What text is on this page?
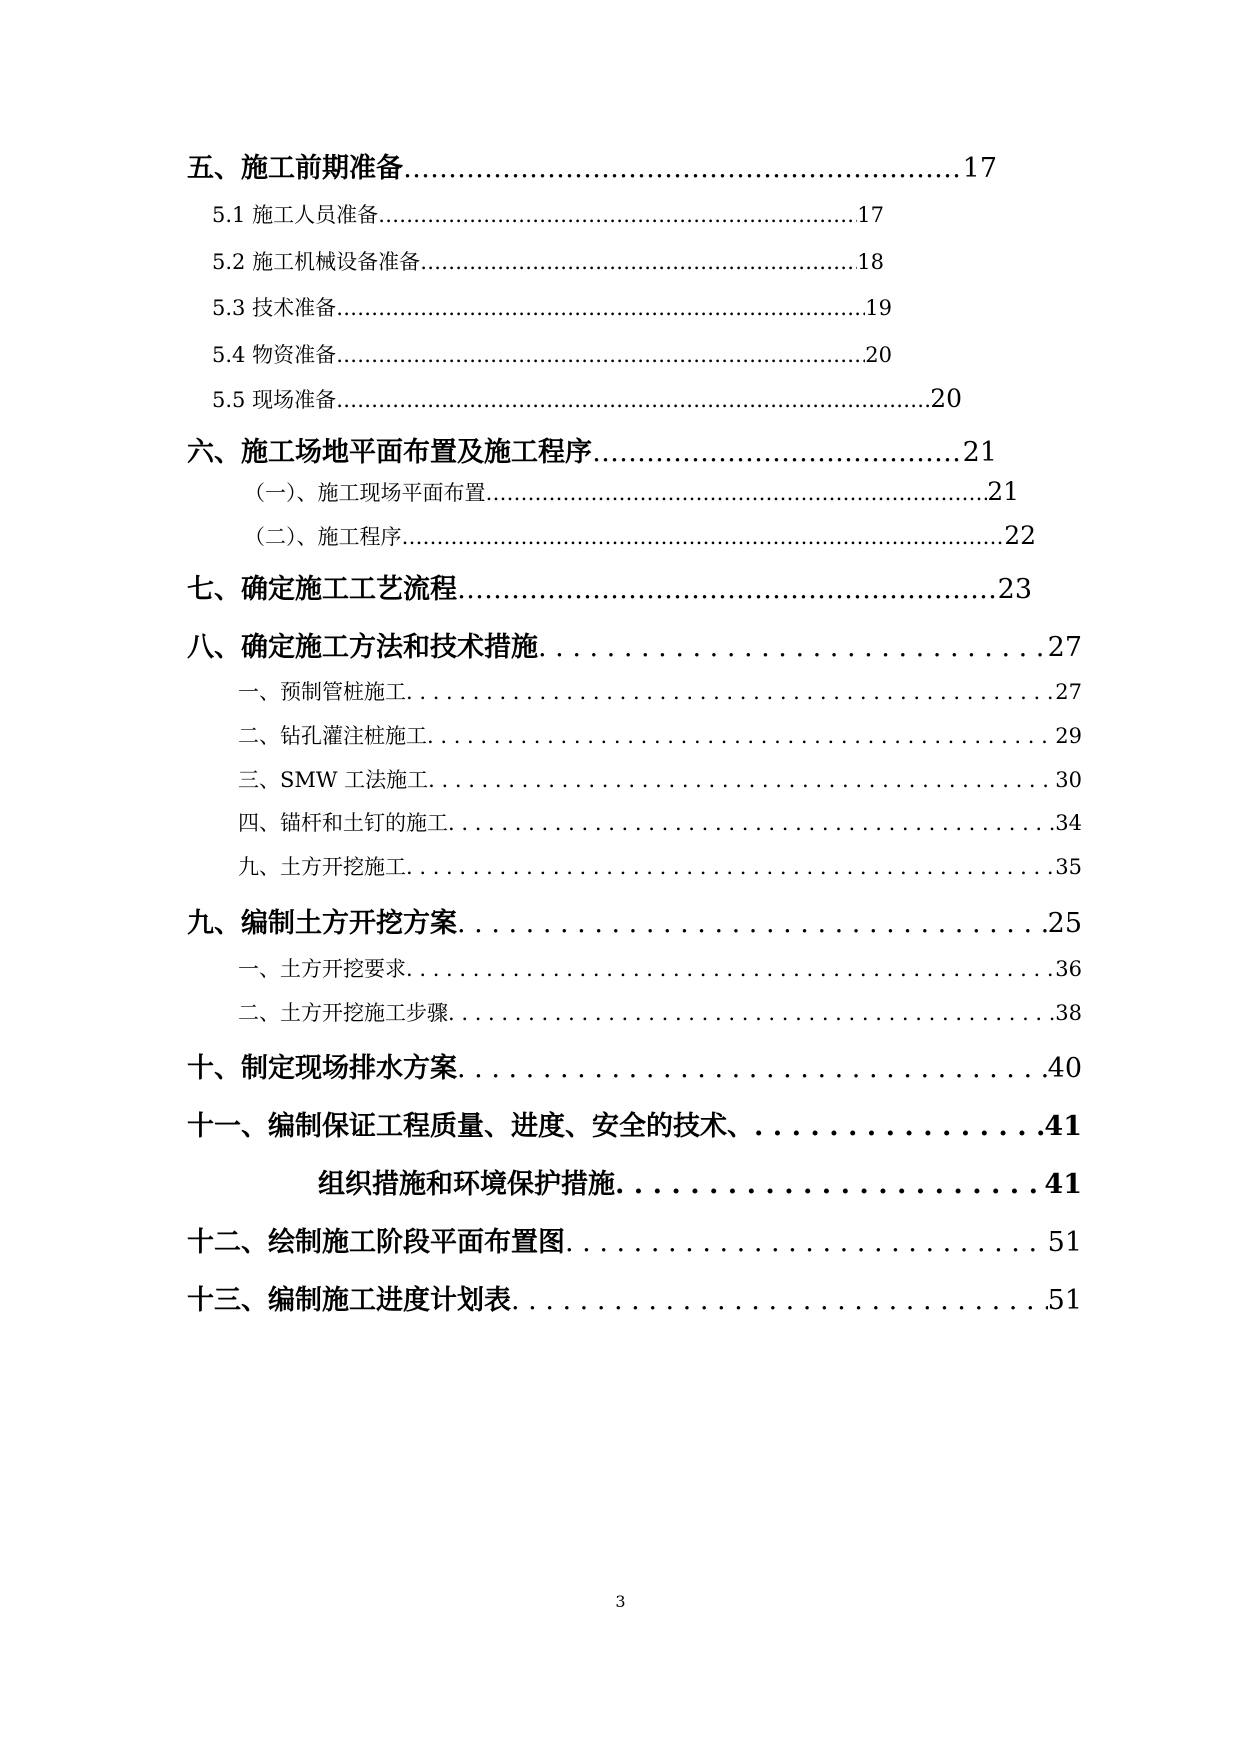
五、施工前期准备 …………………………………………………………………………………………………………………………………………	17
5.1 施工人员准备 …………………………………………………………………………………………………………………………………………	17
5.2 施工机械设备准备 …………………………………………………………………………………………………………………………………………	18
5.3 技术准备 …………………………………………………………………………………………………………………………………………	19
5.4 物资准备 …………………………………………………………………………………………………………………………………………	20
5.5 现场准备 …………………………………………………………………………………………………………………………………………	20
六、施工场地平面布置及施工程序 …………………………………………………………………………………………………………………………………………	21
（一）、施工现场平面布置 …………………………………………………………………………………………………………………………………………	21
（二）、施工程序 …………………………………………………………………………………………………………………………………………	22
七、确定施工工艺流程 …………………………………………………………………………………………………………………………………………	23
八、确定施工方法和技术措施 . . .	27
一、预制管桩施工 . . .	27
二、钻孔灌注桩施工 . . .	29
三、SMW 工法施工 . . .	30
四、锚杆和土钉的施工 . . .	34
九、土方开挖施工 . . .	35
九、编制土方开挖方案 . . .	25
一、土方开挖要求 . . .	36
二、土方开挖施工步骤 . . .	38
十、制定现场排水方案 . . .	40
十一、编制保证工程质量、进度、安全的技术、 . . .	41
组织措施和环境保护措施 . . .	41
十二、绘制施工阶段平面布置图 . . .	51
十三、编制施工进度计划表 . . .	51
3
